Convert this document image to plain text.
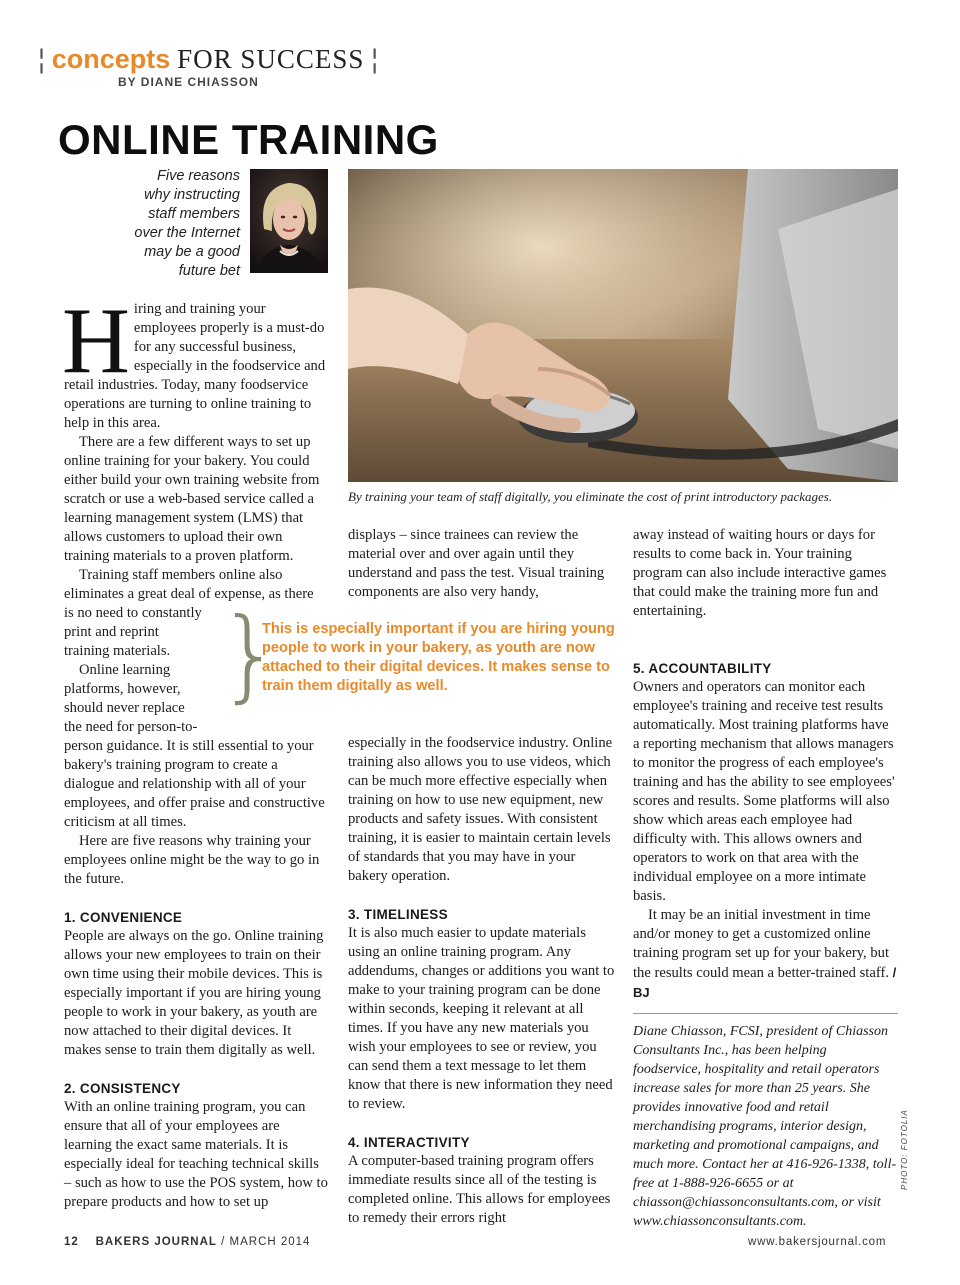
¦ concepts FOR SUCCESS ¦
BY DIANE CHIASSON
ONLINE TRAINING
Five reasons
why instructing
staff members
over the Internet
may be a good
future bet
By training your team of staff digitally, you eliminate the cost of print introductory packages.

Hiring and training your employees properly is a must-do for any successful business, especially in the foodservice and retail industries. Today, many foodservice operations are turning to online training to help in this area.

There are a few different ways to set up online training for your bakery. You could either build your own training website from scratch or use a web-based service called a learning management system (LMS) that allows customers to upload their own training materials to a proven platform.

Training staff members online also
eliminates a great deal of expense, as there
is no need to constantly
print and reprint
training materials.
Online learning
platforms, however,
should never replace
the need for person-to-

person guidance. It is still essential to your bakery's training program to create a dialogue and relationship with all of your employees, and offer praise and constructive criticism at all times.

Here are five reasons why training your employees online might be the way to go in the future.

1. CONVENIENCE

People are always on the go. Online training allows your new employees to train on their own time using their mobile devices. This is especially important if you are hiring young people to work in your bakery, as youth are now attached to their digital devices. It makes sense to train them digitally as well.

2. CONSISTENCY

With an online training program, you can ensure that all of your employees are learning the exact same materials. It is especially ideal for teaching technical skills – such as how to use the POS system, how to prepare products and how to set up

}
This is especially important if you are hiring young people to work in your bakery, as youth are now attached to their digital devices. It makes sense to train them digitally as well.

displays – since trainees can review the material over and over again until they understand and pass the test. Visual training components are also very handy,

especially in the foodservice industry. Online training also allows you to use videos, which can be much more effective especially when training on how to use new equipment, new products and safety issues. With consistent training, it is easier to maintain certain levels of standards that you may have in your bakery operation.

3. TIMELINESS

It is also much easier to update materials using an online training program. Any addendums, changes or additions you want to make to your training program can be done within seconds, keeping it relevant at all times. If you have any new materials you wish your employees to see or review, you can send them a text message to let them know that there is new information they need to review.

4. INTERACTIVITY

A computer-based training program offers immediate results since all of the testing is completed online. This allows for employees to remedy their errors right

away instead of waiting hours or days for results to come back in. Your training program can also include interactive games that could make the training more fun and entertaining.

5. ACCOUNTABILITY

Owners and operators can monitor each employee's training and receive test results automatically. Most training platforms have a reporting mechanism that allows managers to monitor the progress of each employee's training and has the ability to see employees' scores and results. Some platforms will also show which areas each employee had difficulty with. This allows owners and operators to work on that area with the individual employee on a more intimate basis.

It may be an initial investment in time and/or money to get a customized online training program set up for your bakery, but the results could mean a better-trained staff. / BJ

Diane Chiasson, FCSI, president of Chiasson Consultants Inc., has been helping foodservice, hospitality and retail operators increase sales for more than 25 years. She provides innovative food and retail merchandising programs, interior design, marketing and promotional campaigns, and much more. Contact her at 416-926-1338, toll-free at 1-888-926-6655 or at chiasson@chiassonconsultants.com, or visit www.chiassonconsultants.com.

12 BAKERS JOURNAL / MARCH 2014	www.bakersjournal.com
PHOTO: FOTOLIA
